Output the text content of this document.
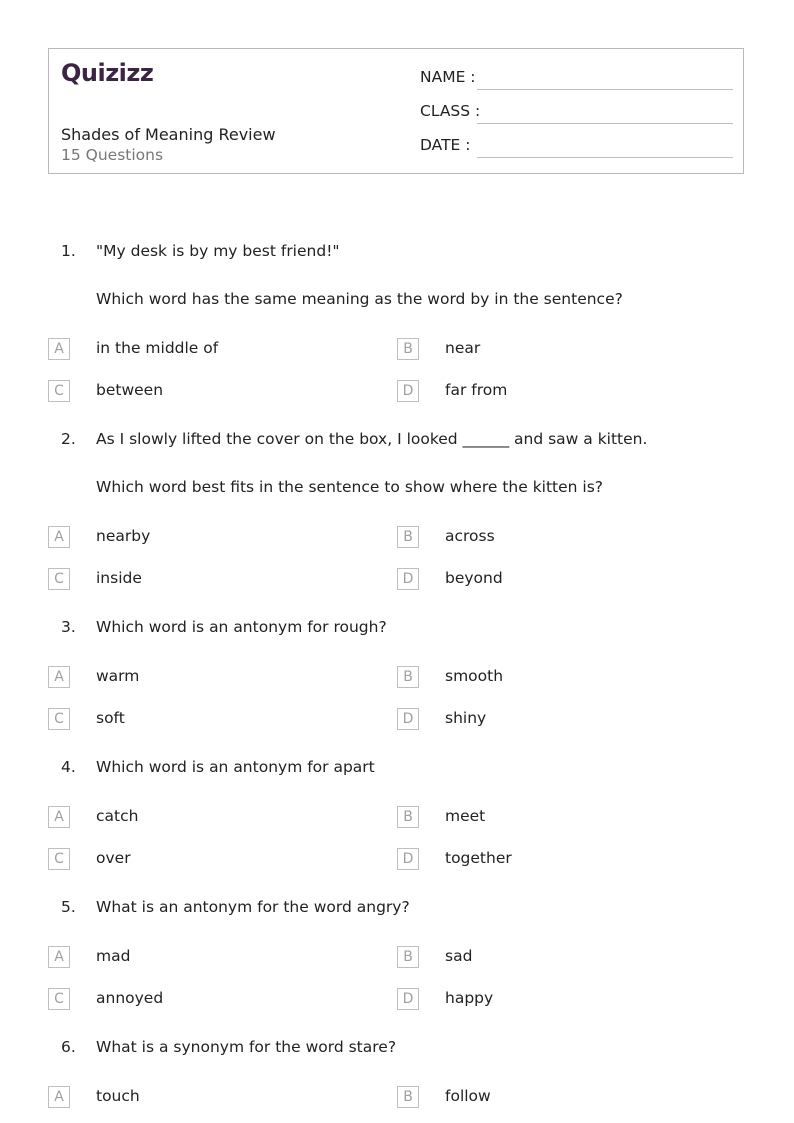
Quizizz
Shades of Meaning Review
15 Questions
NAME :
CLASS :
DATE :
1. "My desk is by my best friend!"
Which word has the same meaning as the word by in the sentence?
A	in the middle of	B	near
C	between	D	far from
2. As I slowly lifted the cover on the box, I looked ______ and saw a kitten.
Which word best fits in the sentence to show where the kitten is?
A	nearby	B	across
C	inside	D	beyond
3. Which word is an antonym for rough?
A	warm	B	smooth
C	soft	D	shiny
4. Which word is an antonym for apart
A	catch	B	meet
C	over	D	together
5. What is an antonym for the word angry?
A	mad	B	sad
C	annoyed	D	happy
6. What is a synonym for the word stare?
A	touch	B	follow
